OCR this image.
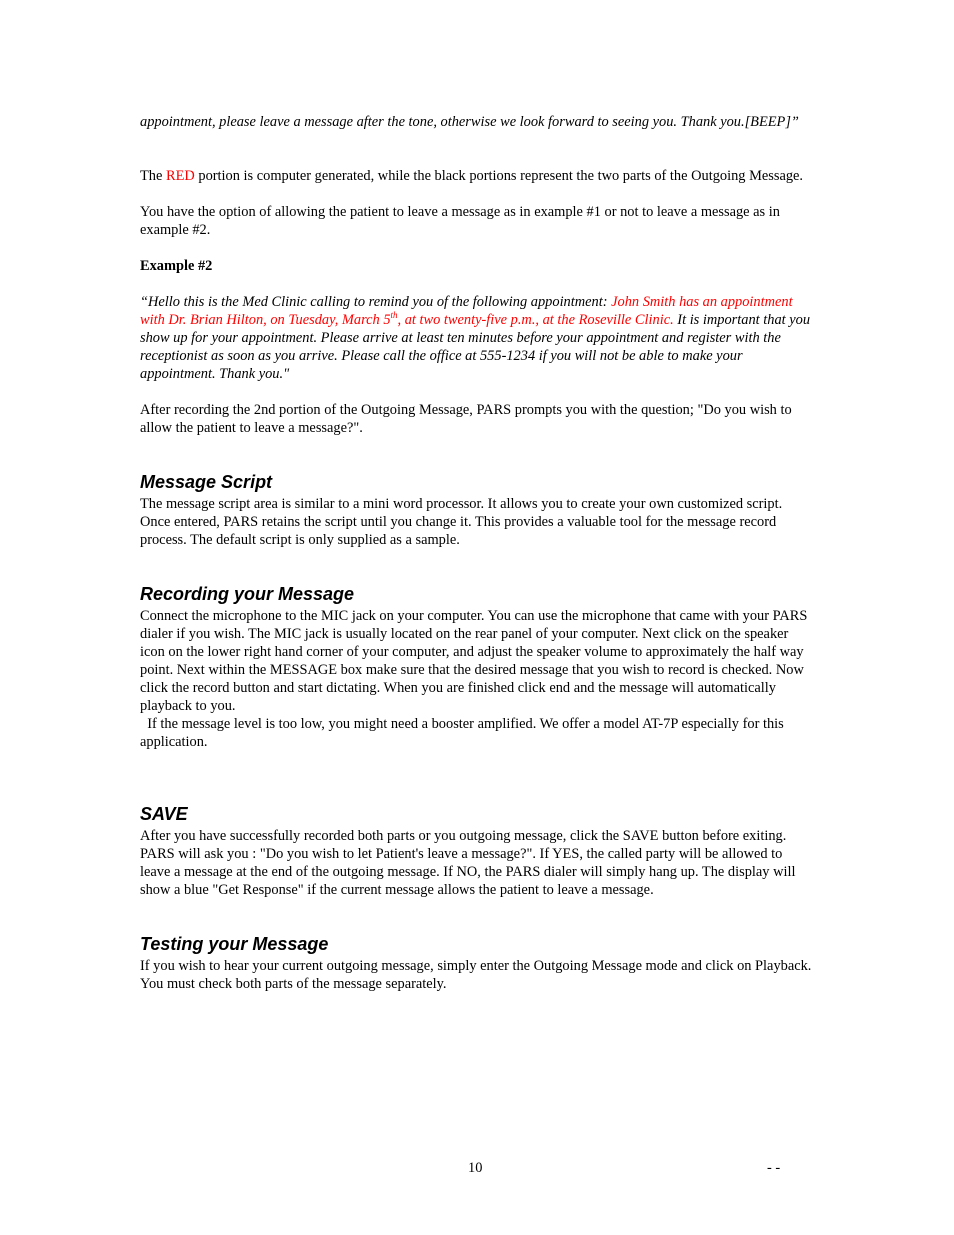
appointment, please leave a message after the tone, otherwise we look forward to seeing you. Thank you.[BEEP]”

The RED portion is computer generated, while the black portions represent the two parts of the Outgoing Message.

You have the option of allowing the patient to leave a message as in example #1 or not to leave a message as in example #2.

Example #2

“Hello this is the Med Clinic calling to remind you of the following appointment: John Smith has an appointment with Dr. Brian Hilton, on Tuesday, March 5th, at two twenty-five p.m., at the Roseville Clinic. It is important that you show up for your appointment. Please arrive at least ten minutes before your appointment and register with the receptionist as soon as you arrive. Please call the office at 555-1234 if you will not be able to make your appointment. Thank you."

After recording the 2nd portion of the Outgoing Message, PARS prompts you with the question; "Do you wish to allow the patient to leave a message?".

Message Script

The message script area is similar to a mini word processor. It allows you to create your own customized script. Once entered, PARS retains the script until you change it. This provides a valuable tool for the message record process. The default script is only supplied as a sample.

Recording your Message

Connect the microphone to the MIC jack on your computer. You can use the microphone that came with your PARS dialer if you wish. The MIC jack is usually located on the rear panel of your computer. Next click on the speaker icon on the lower right hand corner of your computer, and adjust the speaker volume to approximately the half way point. Next within the MESSAGE box make sure that the desired message that you wish to record is checked. Now click the record button and start dictating. When you are finished click end and the message will automatically playback to you.

If the message level is too low, you might need a booster amplified. We offer a model AT-7P especially for this application.

SAVE

After you have successfully recorded both parts or you outgoing message, click the SAVE button before exiting. PARS will ask you : "Do you wish to let Patient's leave a message?". If YES, the called party will be allowed to leave a message at the end of the outgoing message. If NO, the PARS dialer will simply hang up. The display will show a blue "Get Response" if the current message allows the patient to leave a message.

Testing your Message

If you wish to hear your current outgoing message, simply enter the Outgoing Message mode and click on Playback. You must check both parts of the message separately.

10	- -
